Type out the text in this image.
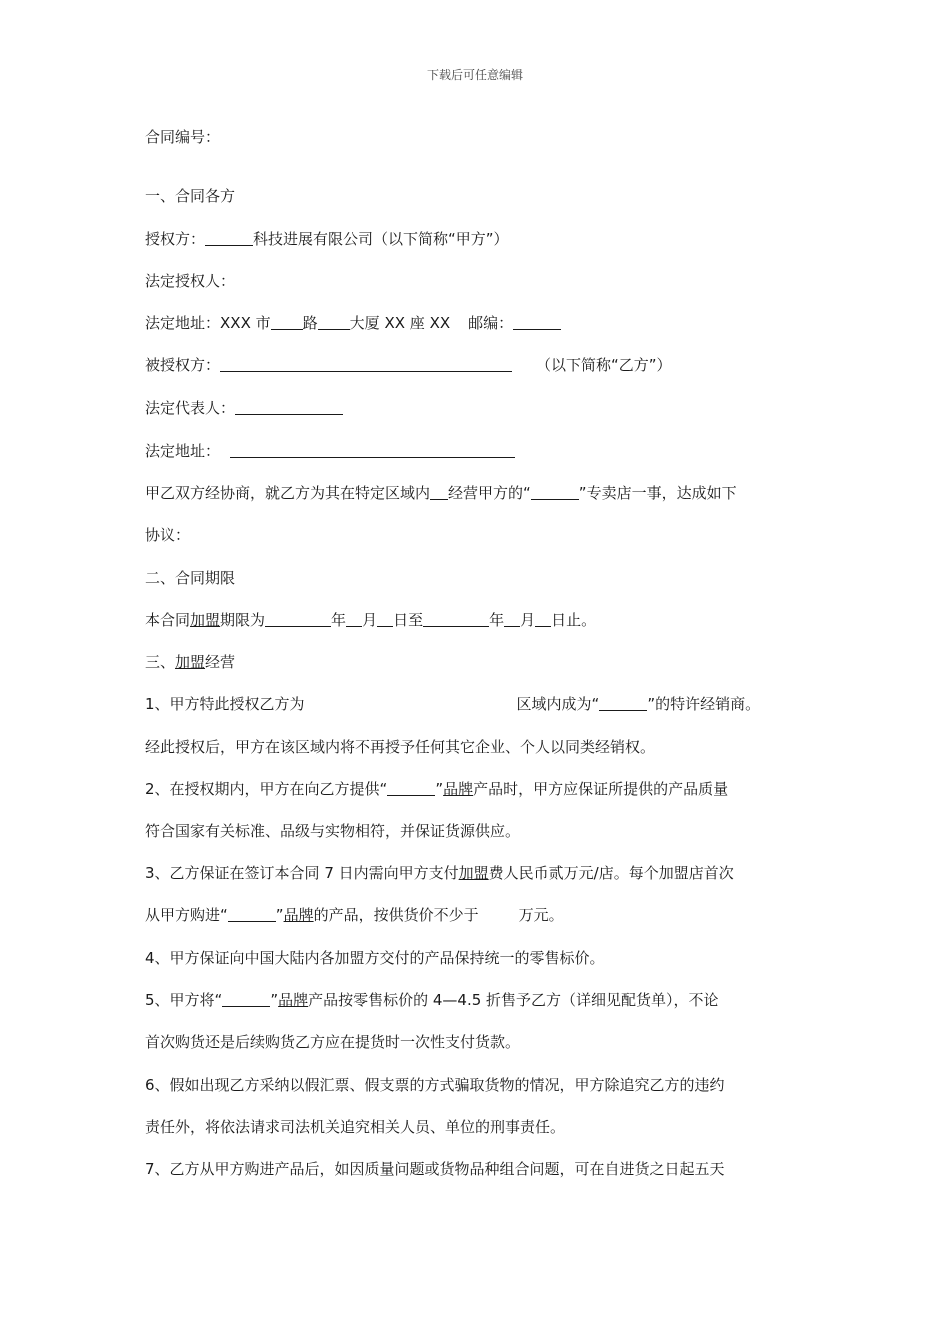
下载后可任意编辑
合同编号：
一、合同各方
授权方：	科技进展有限公司（以下简称“甲方”）
法定授权人：
法定地址：XXX 市 路 大厦 XX 座 XX 邮编：
被授权方：	（以下简称“乙方”）
法定代表人：
法定地址：
甲乙双方经协商，就乙方为其在特定区域内 经营甲方的“	”专卖店一事，达成如下
协议：
二、合同期限
本合同加盟期限为	年 月 日至	年 月 日止。
三、加盟经营
1、甲方特此授权乙方为	区域内成为“	”的特许经销商。
经此授权后，甲方在该区域内将不再授予任何其它企业、个人以同类经销权。
2、在授权期内，甲方在向乙方提供“	”品牌产品时，甲方应保证所提供的产品质量
符合国家有关标准、品级与实物相符，并保证货源供应。
3、乙方保证在签订本合同 7 日内需向甲方支付加盟费人民币贰万元/店。每个加盟店首次
从甲方购进“	”品牌的产品，按供货价不少于	万元。
4、甲方保证向中国大陆内各加盟方交付的产品保持统一的零售标价。
5、甲方将“	”品牌产品按零售标价的 4—4.5 折售予乙方（详细见配货单），不论
首次购货还是后续购货乙方应在提货时一次性支付货款。
6、假如出现乙方采纳以假汇票、假支票的方式骗取货物的情况，甲方除追究乙方的违约
责任外，将依法请求司法机关追究相关人员、单位的刑事责任。
7、乙方从甲方购进产品后，如因质量问题或货物品种组合问题，可在自进货之日起五天
